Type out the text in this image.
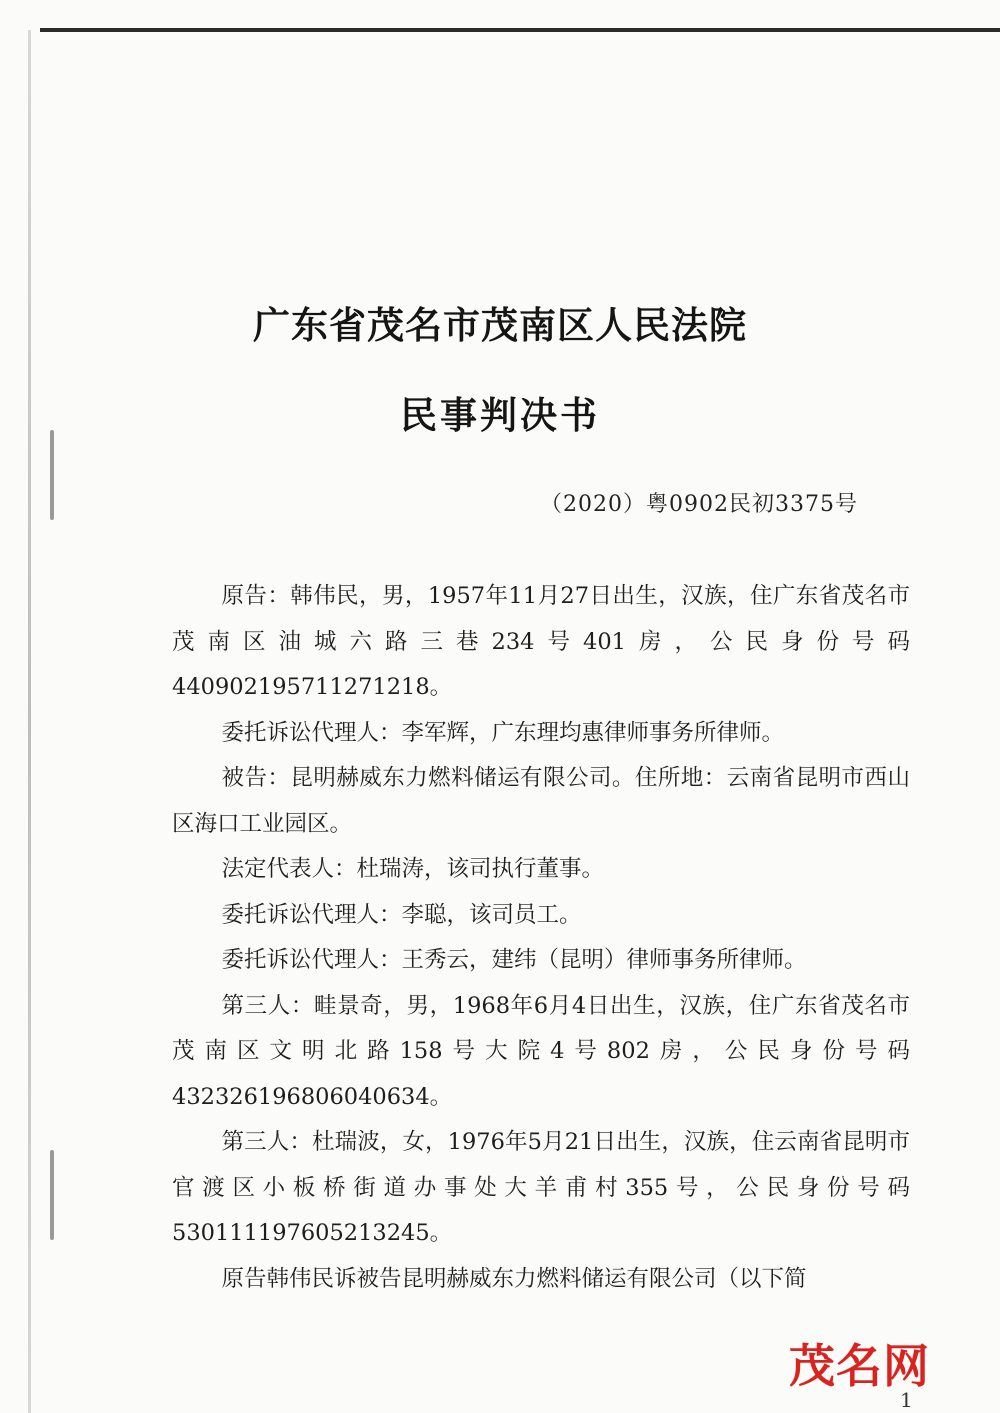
广东省茂名市茂南区人民法院
民事判决书
（2020）粤0902民初3375号

原告：韩伟民，男，1957年11月27日出生，汉族，住广东省茂名市茂南区油城六路三巷234号401房，公民身份号码440902195711271218。

委托诉讼代理人：李军辉，广东理均惠律师事务所律师。

被告：昆明赫威东力燃料储运有限公司。住所地：云南省昆明市西山区海口工业园区。

法定代表人：杜瑞涛，该司执行董事。

委托诉讼代理人：李聪，该司员工。

委托诉讼代理人：王秀云，建纬（昆明）律师事务所律师。

第三人：畦景奇，男，1968年6月4日出生，汉族，住广东省茂名市茂南区文明北路158号大院4号802房，公民身份号码432326196806040634。

第三人：杜瑞波，女，1976年5月21日出生，汉族，住云南省昆明市官渡区小板桥街道办事处大羊甫村355号，公民身份号码530111197605213245。

原告韩伟民诉被告昆明赫威东力燃料储运有限公司（以下简

茂名网
1
